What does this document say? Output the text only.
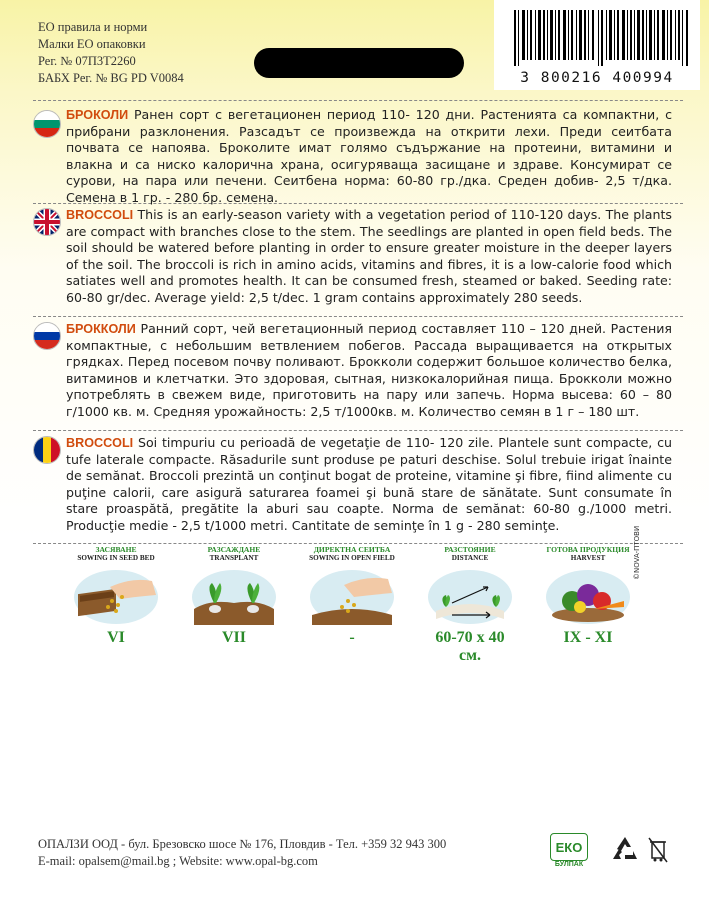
ЕО правила и норми
Малки ЕО опаковки
Рег. № 07П3Т2260
БАБХ Рег. № BG PD V0084	3 800216 400994
БРОКОЛИ Ранен сорт с вегетационен период 110- 120 дни. Растенията са компактни, с прибрани разклонения. Разсадът се произвежда на открити лехи. Преди сеитбата почвата се напоява. Броколите имат голямо съдържание на протеини, витамини и влакна и са ниско калорична храна, осигуряваща засищане и здраве. Консумират се сурови, на пара или печени. Сеитбена норма: 60-80 гр./дка. Среден добив- 2,5 т/дка. Семена в 1 гр. - 280 бр. семена.
BROCCOLI This is an early-season variety with a vegetation period of 110-120 days. The plants are compact with branches close to the stem. The seedlings are planted in open field beds. The soil should be watered before planting in order to ensure greater moisture in the deeper layers of the soil. The broccoli is rich in amino acids, vitamins and fibres, it is a low-calorie food which satiates well and promotes health. It can be consumed fresh, steamed or baked. Seeding rate: 60-80 gr/dec. Average yield: 2,5 t/dec. 1 gram contains approximately 280 seeds.
БРОККОЛИ Ранний сорт, чей вегетационный период составляет 110 – 120 дней. Растения компактные, с небольшим ветвлением побегов. Рассада выращивается на открытых грядках. Перед посевом почву поливают. Брокколи содержит большое количество белка, витаминов и клетчатки. Это здоровая, сытная, низкокалорийная пища. Брокколи можно употреблять в свежем виде, приготовить на пару или запечь. Норма высева: 60 – 80 г/1000 кв. м. Средняя урожайность: 2,5 т/1000кв. м. Количество семян в 1 г – 180 шт.
BROCCOLI Soi timpuriu cu perioadă de vegetaţie de 110- 120 zile. Plantele sunt compacte, cu tufe laterale compacte. Răsadurile sunt produse pe paturi deschise. Solul trebuie irigat înainte de semănat. Broccoli prezintă un conţinut bogat de proteine, vitamine şi fibre, fiind alimente cu puţine calorii, care asigură saturarea foamei şi bună stare de sănătate. Sunt consumate în stare proaspătă, pregătite la aburi sau coapte. Norma de semănat: 60-80 g./1000 metri. Producţie medie - 2,5 t/1000 metri. Cantitate de seminţe în 1 g - 280 seminţe.
ЗАСЯВАНЕ
SOWING IN SEED BED
VI
РАЗСАЖДАНЕ
TRANSPLANT
VII
ДИРЕКТНА СЕИТБА
SOWING IN OPEN FIELD
-
РАЗСТОЯНИЕ
DISTANCE
60-70 х 40 см.
ГОТОВА ПРОДУКЦИЯ
HARVEST
IX - XI
©NOVA-ПТОВИ
ОПАЛЗИ ООД - бул. Брезовско шосе № 176, Пловдив - Тел. +359 32 943 300
E-mail: opalsem@mail.bg ; Website: www.opal-bg.com
ЕКО
БУЛПАК
